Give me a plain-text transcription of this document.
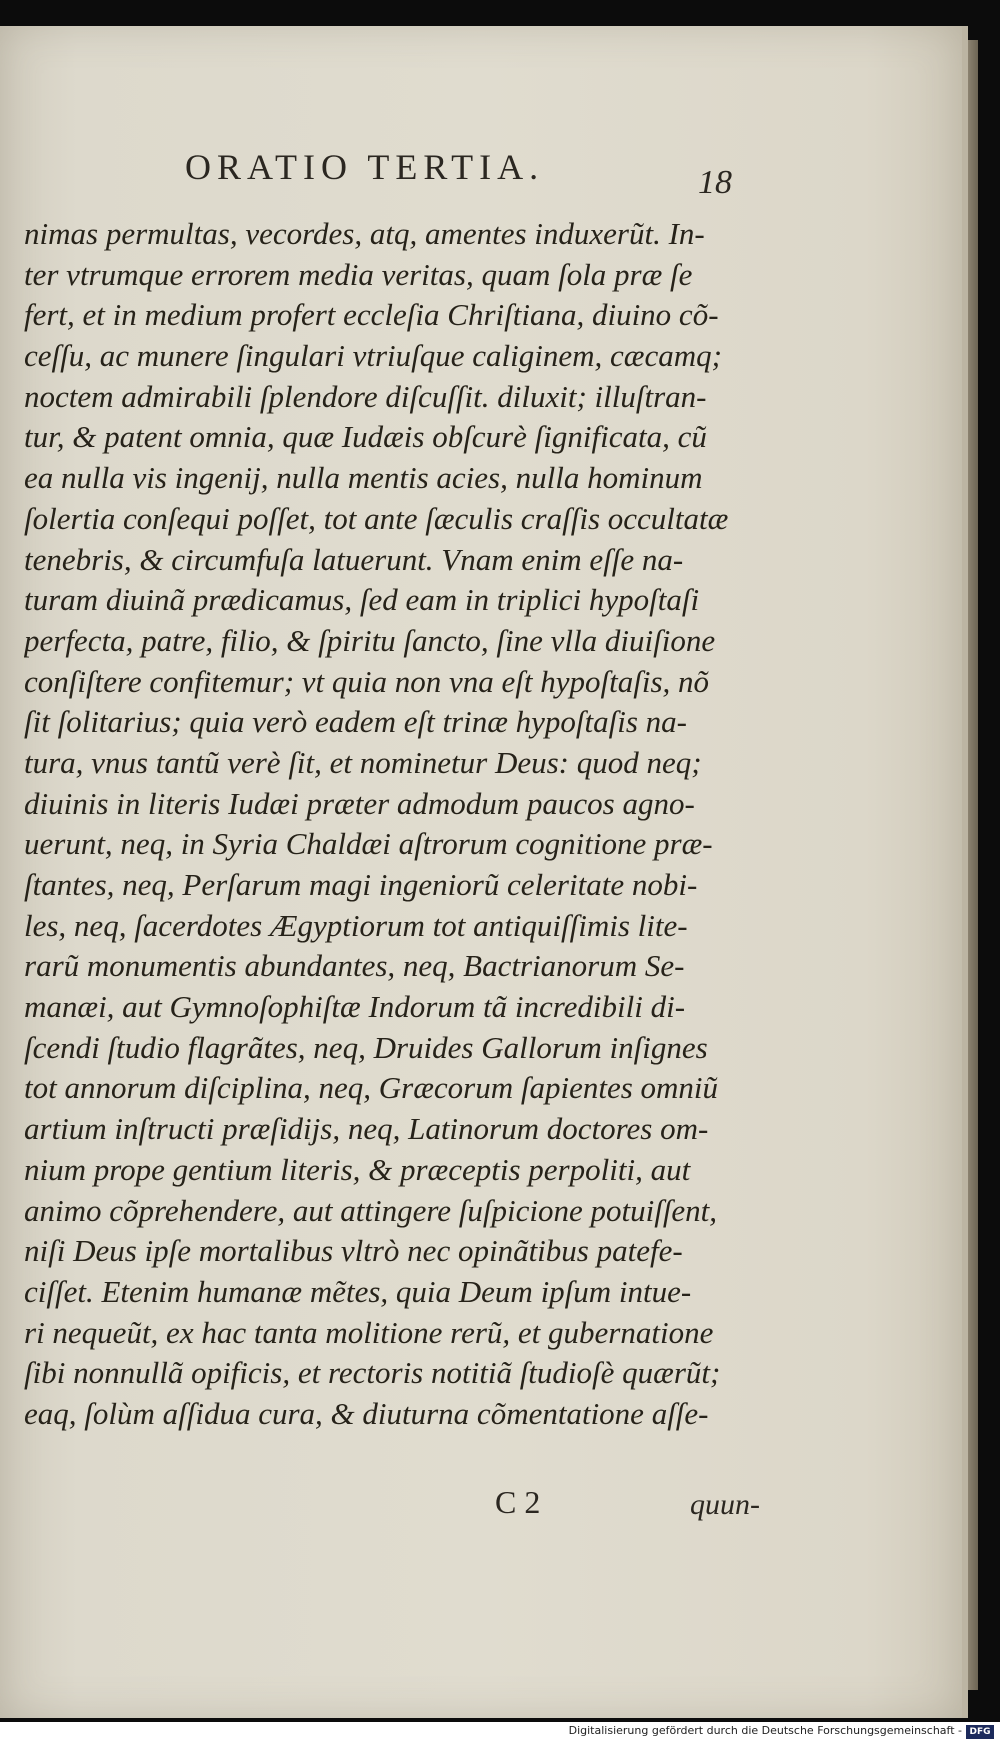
ORATIO TERTIA.	18
nimas permultas, vecordes, atq, amentes induxerũt. In-
ter vtrumque errorem media veritas, quam ſola præ ſe
fert, et in medium profert eccleſia Chriſtiana, diuino cõ-
ceſſu, ac munere ſingulari vtriuſque caliginem, cæcamq;
noctem admirabili ſplendore diſcuſſit. diluxit; illuſtran-
tur, & patent omnia, quæ Iudæis obſcurè ſignificata, cũ
ea nulla vis ingenij, nulla mentis acies, nulla hominum
ſolertia conſequi poſſet, tot ante ſæculis craſſis occultatæ
tenebris, & circumfuſa latuerunt. Vnam enim eſſe na-
turam diuinã prædicamus, ſed eam in triplici hypoſtaſi
perfecta, patre, filio, & ſpiritu ſancto, ſine vlla diuiſione
conſiſtere confitemur; vt quia non vna eſt hypoſtaſis, nõ
ſit ſolitarius; quia verò eadem eſt trinæ hypoſtaſis na-
tura, vnus tantũ verè ſit, et nominetur Deus: quod neq;
diuinis in literis Iudæi præter admodum paucos agno-
uerunt, neq, in Syria Chaldæi aſtrorum cognitione præ-
ſtantes, neq, Perſarum magi ingeniorũ celeritate nobi-
les, neq, ſacerdotes Ægyptiorum tot antiquiſſimis lite-
rarũ monumentis abundantes, neq, Bactrianorum Se-
manæi, aut Gymnoſophiſtæ Indorum tã incredibili di-
ſcendi ſtudio flagrãtes, neq, Druides Gallorum inſignes
tot annorum diſciplina, neq, Græcorum ſapientes omniũ
artium inſtructi præſidijs, neq, Latinorum doctores om-
nium prope gentium literis, & præceptis perpoliti, aut
animo cõprehendere, aut attingere ſuſpicione potuiſſent,
niſi Deus ipſe mortalibus vltrò nec opinãtibus patefe-
ciſſet. Etenim humanæ mẽtes, quia Deum ipſum intue-
ri nequeũt, ex hac tanta molitione rerũ, et gubernatione
ſibi nonnullã opificis, et rectoris notitiã ſtudioſè quærũt;
eaq, ſolùm aſſidua cura, & diuturna cõmentatione aſſe-
C 2	quun-
Digitalisierung gefördert durch die Deutsche Forschungsgemeinschaft - DFG
